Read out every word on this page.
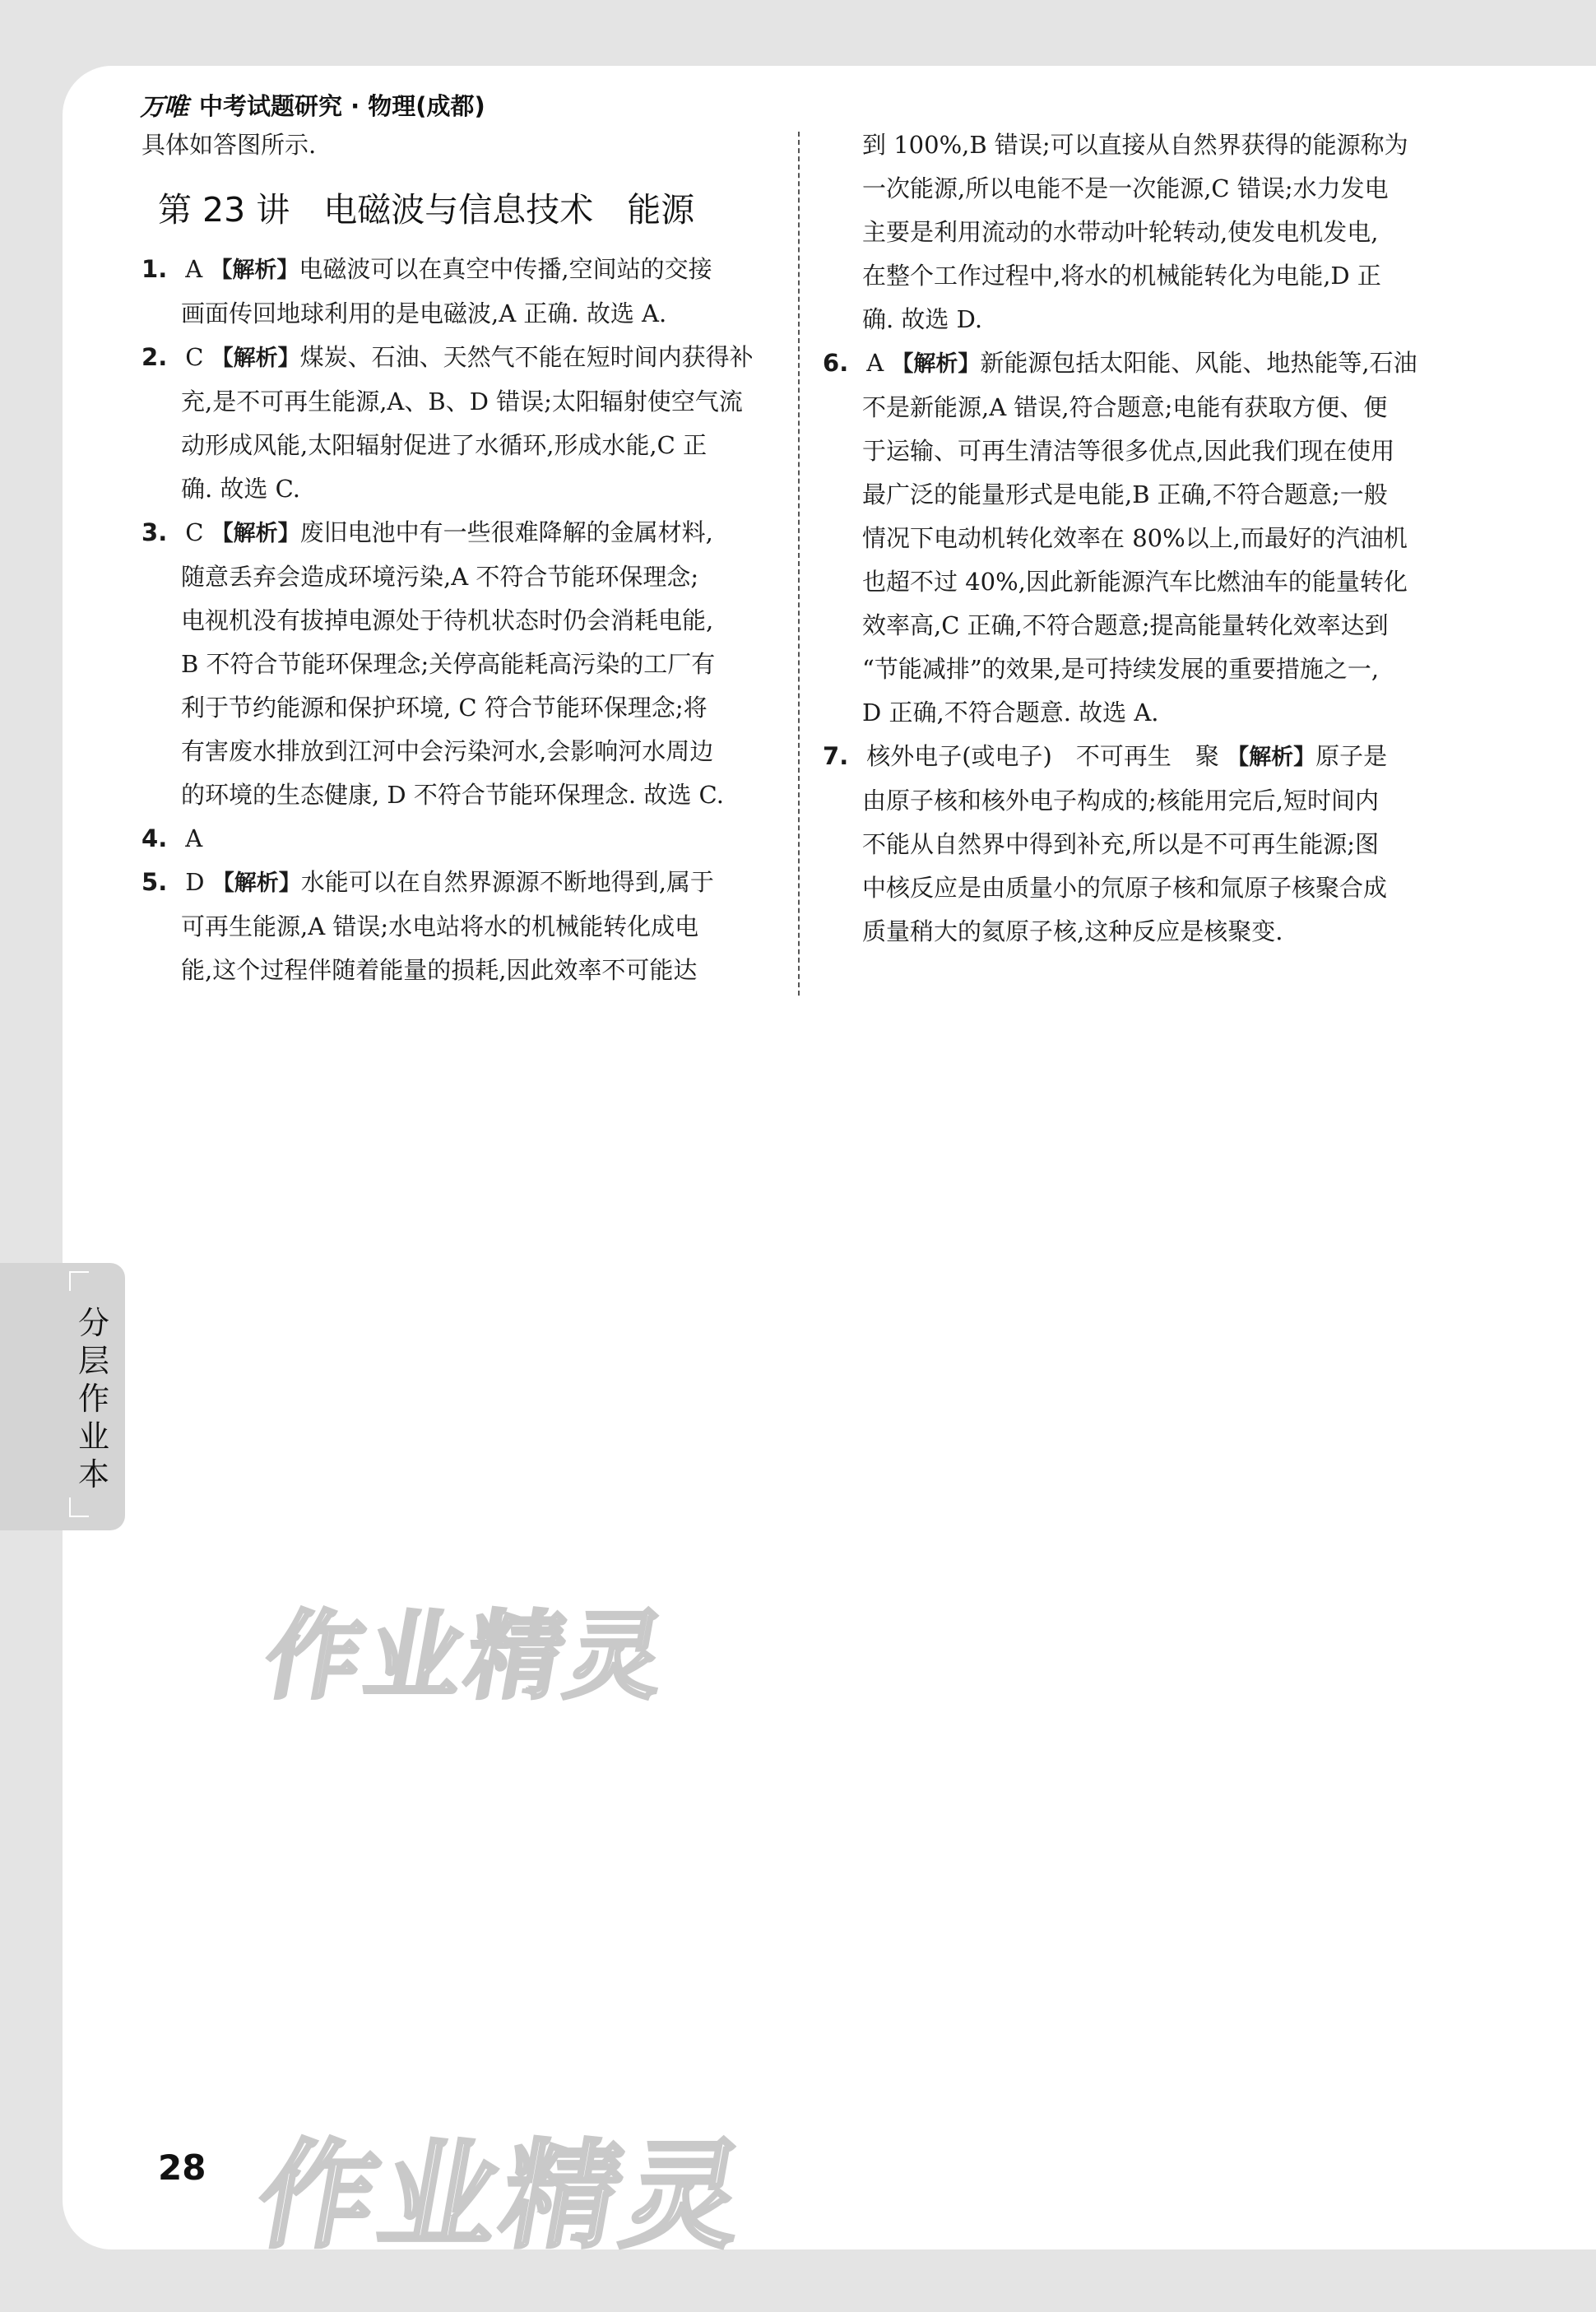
万唯 中考试题研究 · 物理(成都)
具体如答图所示.
第 23 讲　电磁波与信息技术　能源
1. A 【解析】电磁波可以在真空中传播,空间站的交接
画面传回地球利用的是电磁波,A 正确. 故选 A.
2. C 【解析】煤炭、石油、天然气不能在短时间内获得补
充,是不可再生能源,A、B、D 错误;太阳辐射使空气流
动形成风能,太阳辐射促进了水循环,形成水能,C 正
确. 故选 C.
3. C 【解析】废旧电池中有一些很难降解的金属材料,
随意丢弃会造成环境污染,A 不符合节能环保理念;
电视机没有拔掉电源处于待机状态时仍会消耗电能,
B 不符合节能环保理念;关停高能耗高污染的工厂有
利于节约能源和保护环境, C 符合节能环保理念;将
有害废水排放到江河中会污染河水,会影响河水周边
的环境的生态健康, D 不符合节能环保理念. 故选 C.
4. A
5. D 【解析】水能可以在自然界源源不断地得到,属于
可再生能源,A 错误;水电站将水的机械能转化成电
能,这个过程伴随着能量的损耗,因此效率不可能达
到 100%,B 错误;可以直接从自然界获得的能源称为
一次能源,所以电能不是一次能源,C 错误;水力发电
主要是利用流动的水带动叶轮转动,使发电机发电,
在整个工作过程中,将水的机械能转化为电能,D 正
确. 故选 D.
6. A 【解析】新能源包括太阳能、风能、地热能等,石油
不是新能源,A 错误,符合题意;电能有获取方便、便
于运输、可再生清洁等很多优点,因此我们现在使用
最广泛的能量形式是电能,B 正确,不符合题意;一般
情况下电动机转化效率在 80%以上,而最好的汽油机
也超不过 40%,因此新能源汽车比燃油车的能量转化
效率高,C 正确,不符合题意;提高能量转化效率达到
“节能减排”的效果,是可持续发展的重要措施之一,
D 正确,不符合题意. 故选 A.
7. 核外电子(或电子)　不可再生　聚 【解析】原子是
由原子核和核外电子构成的;核能用完后,短时间内
不能从自然界中得到补充,所以是不可再生能源;图
中核反应是由质量小的氘原子核和氚原子核聚合成
质量稍大的氦原子核,这种反应是核聚变.
分层作业本
作业精灵
作业精灵
28
